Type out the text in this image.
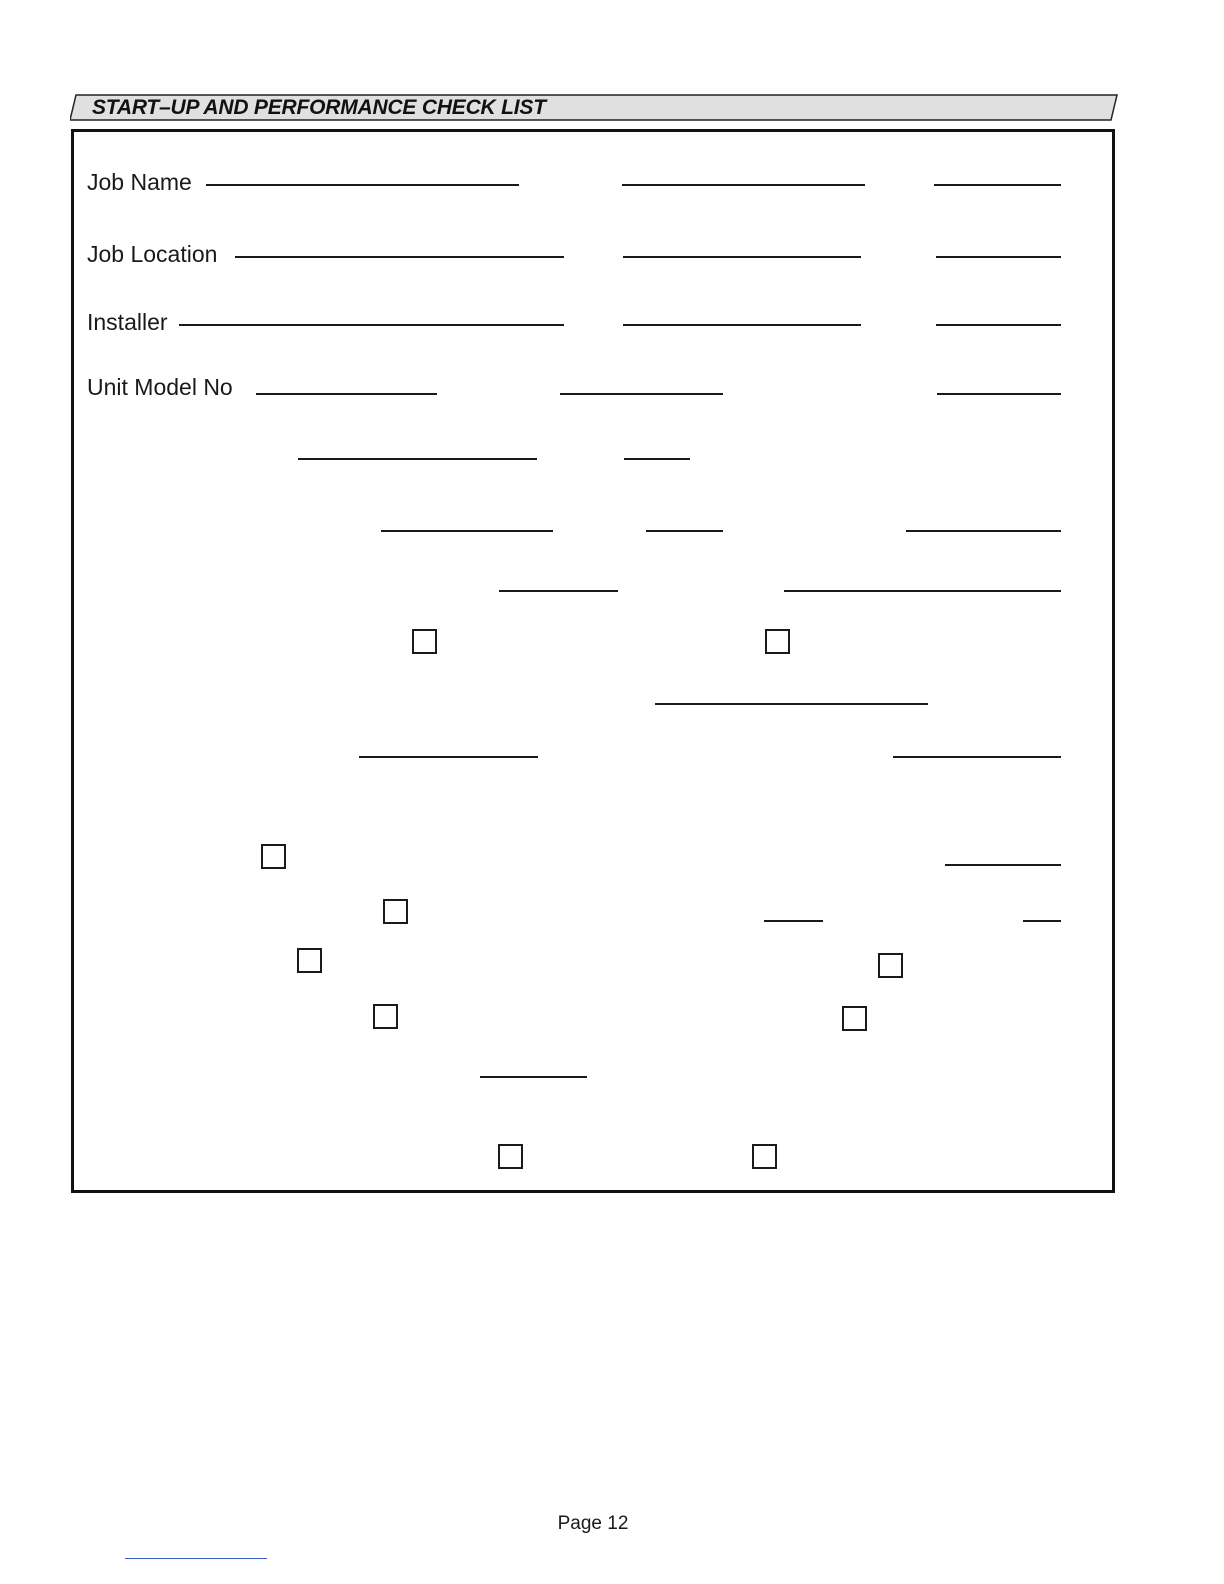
START–UP AND PERFORMANCE CHECK LIST
Job Name
Job Location
Installer
Unit Model No
Page 12
